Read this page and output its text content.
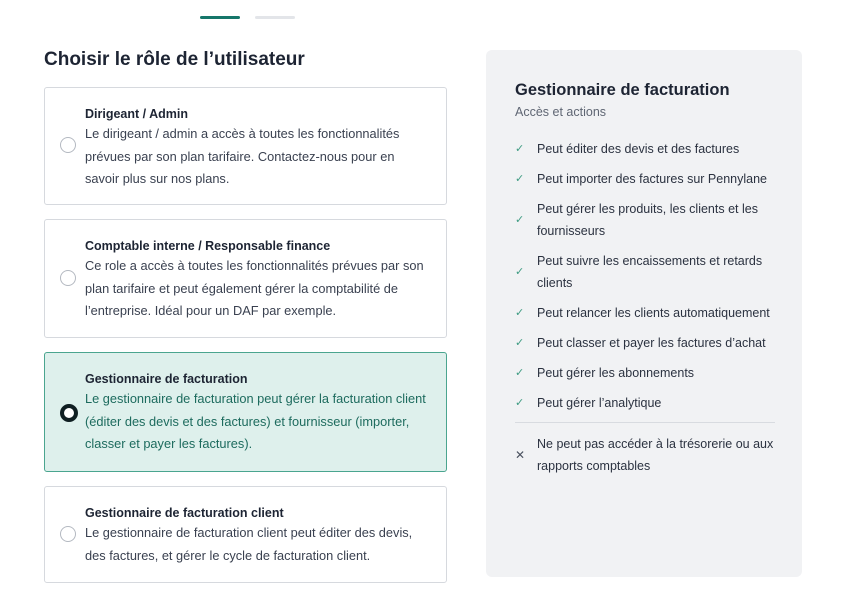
Choisir le rôle de l’utilisateur
Dirigeant / Admin
Le dirigeant / admin a accès à toutes les fonctionnalités prévues par son plan tarifaire. Contactez-nous pour en savoir plus sur nos plans.
Comptable interne / Responsable finance
Ce role a accès à toutes les fonctionnalités prévues par son plan tarifaire et peut également gérer la comptabilité de l’entreprise. Idéal pour un DAF par exemple.
Gestionnaire de facturation
Le gestionnaire de facturation peut gérer la facturation client (éditer des devis et des factures) et fournisseur (importer, classer et payer les factures).
Gestionnaire de facturation client
Le gestionnaire de facturation client peut éditer des devis, des factures, et gérer le cycle de facturation client.
Gestionnaire de facturation
Accès et actions
✓ Peut éditer des devis et des factures
✓ Peut importer des factures sur Pennylane
✓
Peut gérer les produits, les clients et les fournisseurs
✓
Peut suivre les encaissements et retards clients
✓ Peut relancer les clients automatiquement
✓ Peut classer et payer les factures d’achat
✓ Peut gérer les abonnements
✓ Peut gérer l’analytique
✕
Ne peut pas accéder à la trésorerie ou aux rapports comptables
